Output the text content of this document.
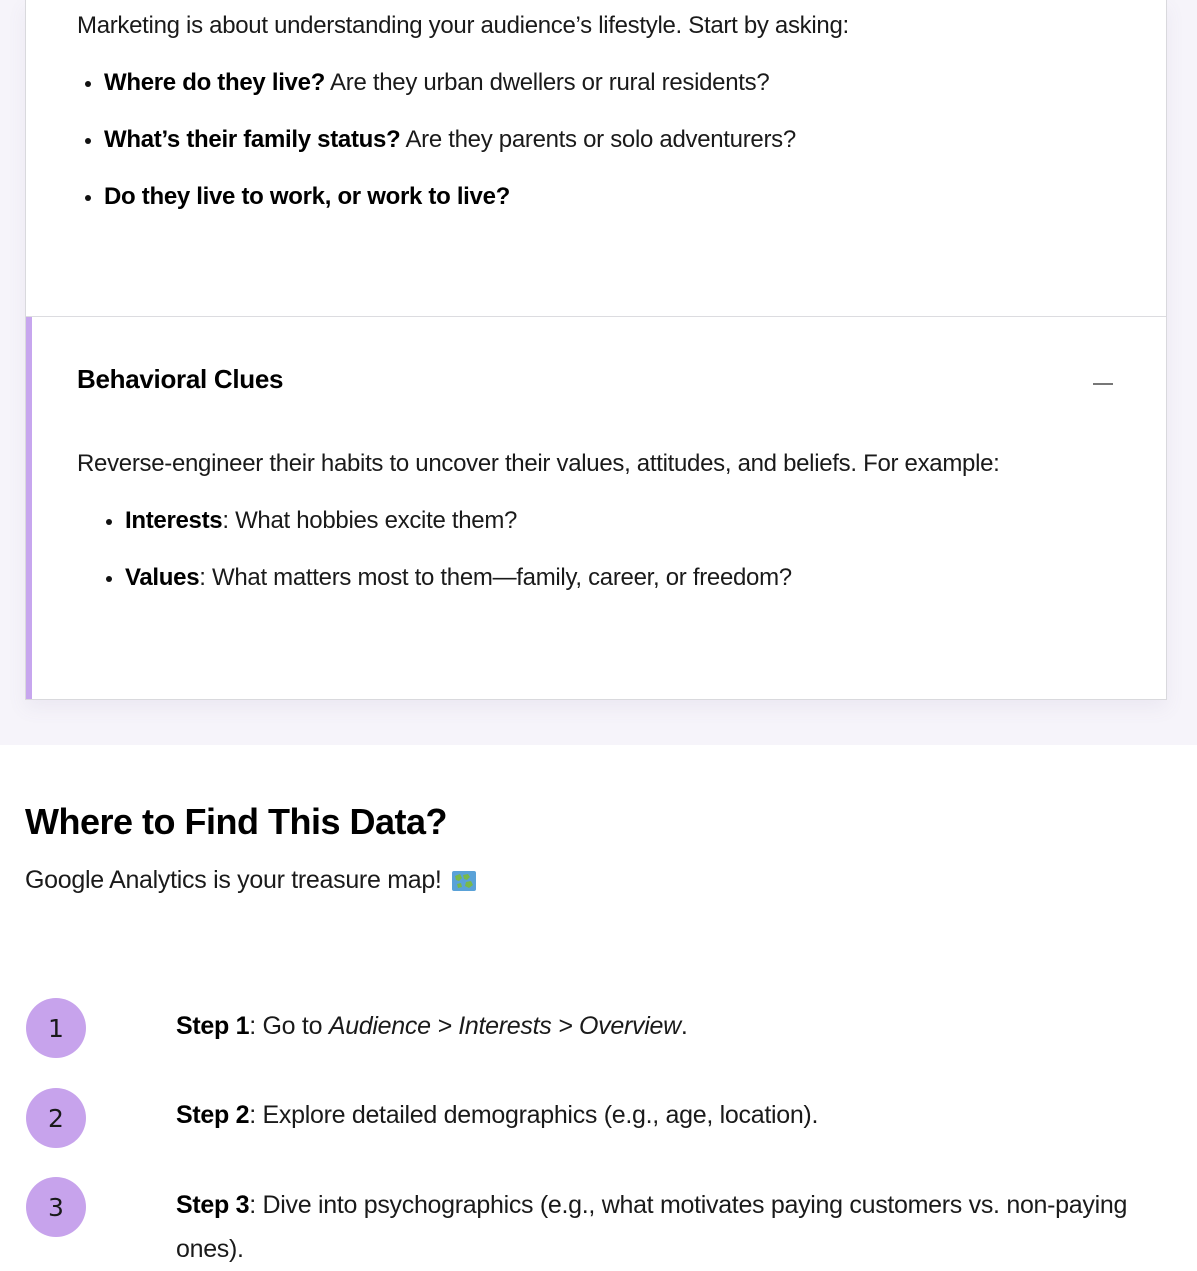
Marketing is about understanding your audience’s lifestyle. Start by asking:
Where do they live? Are they urban dwellers or rural residents?
What’s their family status? Are they parents or solo adventurers?
Do they live to work, or work to live?
Behavioral Clues
Reverse-engineer their habits to uncover their values, attitudes, and beliefs. For example:
Interests: What hobbies excite them?
Values: What matters most to them—family, career, or freedom?
Where to Find This Data?
Google Analytics is your treasure map!
1	Step 1: Go to Audience > Interests > Overview.
2	Step 2: Explore detailed demographics (e.g., age, location).
3	Step 3: Dive into psychographics (e.g., what motivates paying customers vs. non-paying ones).
